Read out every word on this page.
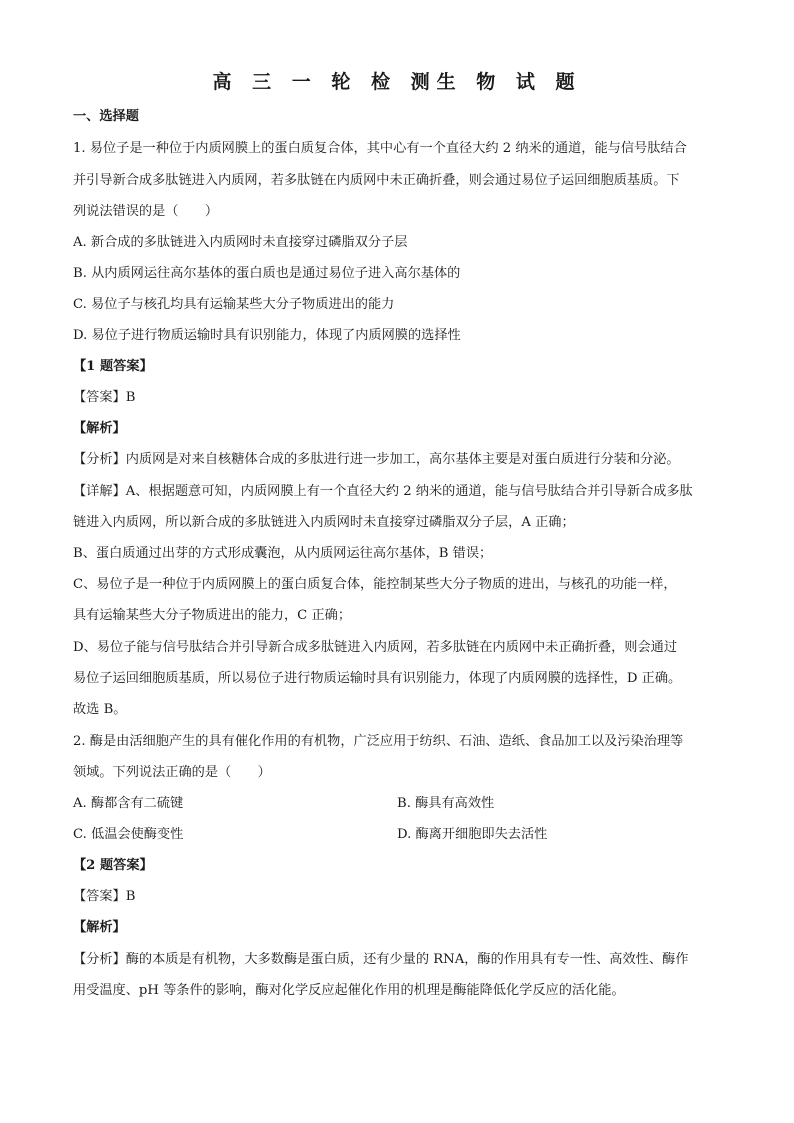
高 三 一 轮 检 测生 物 试 题
一、选择题
1. 易位子是一种位于内质网膜上的蛋白质复合体，其中心有一个直径大约 2 纳米的通道，能与信号肽结合
并引导新合成多肽链进入内质网，若多肽链在内质网中未正确折叠，则会通过易位子运回细胞质基质。下
列说法错误的是（　　）
A. 新合成的多肽链进入内质网时未直接穿过磷脂双分子层
B. 从内质网运往高尔基体的蛋白质也是通过易位子进入高尔基体的
C. 易位子与核孔均具有运输某些大分子物质进出的能力
D. 易位子进行物质运输时具有识别能力，体现了内质网膜的选择性
【1 题答案】
【答案】B
【解析】
【分析】内质网是对来自核糖体合成的多肽进行进一步加工，高尔基体主要是对蛋白质进行分装和分泌。
【详解】A、根据题意可知，内质网膜上有一个直径大约 2 纳米的通道，能与信号肽结合并引导新合成多肽
链进入内质网，所以新合成的多肽链进入内质网时未直接穿过磷脂双分子层，A 正确；
B、蛋白质通过出芽的方式形成囊泡，从内质网运往高尔基体，B 错误；
C、易位子是一种位于内质网膜上的蛋白质复合体，能控制某些大分子物质的进出，与核孔的功能一样，
具有运输某些大分子物质进出的能力，C 正确；
D、易位子能与信号肽结合并引导新合成多肽链进入内质网，若多肽链在内质网中未正确折叠，则会通过
易位子运回细胞质基质，所以易位子进行物质运输时具有识别能力，体现了内质网膜的选择性，D 正确。
故选 B。
2. 酶是由活细胞产生的具有催化作用的有机物，广泛应用于纺织、石油、造纸、食品加工以及污染治理等
领域。下列说法正确的是（　　）
A. 酶都含有二硫键	B. 酶具有高效性
C. 低温会使酶变性	D. 酶离开细胞即失去活性
【2 题答案】
【答案】B
【解析】
【分析】酶的本质是有机物，大多数酶是蛋白质，还有少量的 RNA，酶的作用具有专一性、高效性、酶作
用受温度、pH 等条件的影响，酶对化学反应起催化作用的机理是酶能降低化学反应的活化能。
